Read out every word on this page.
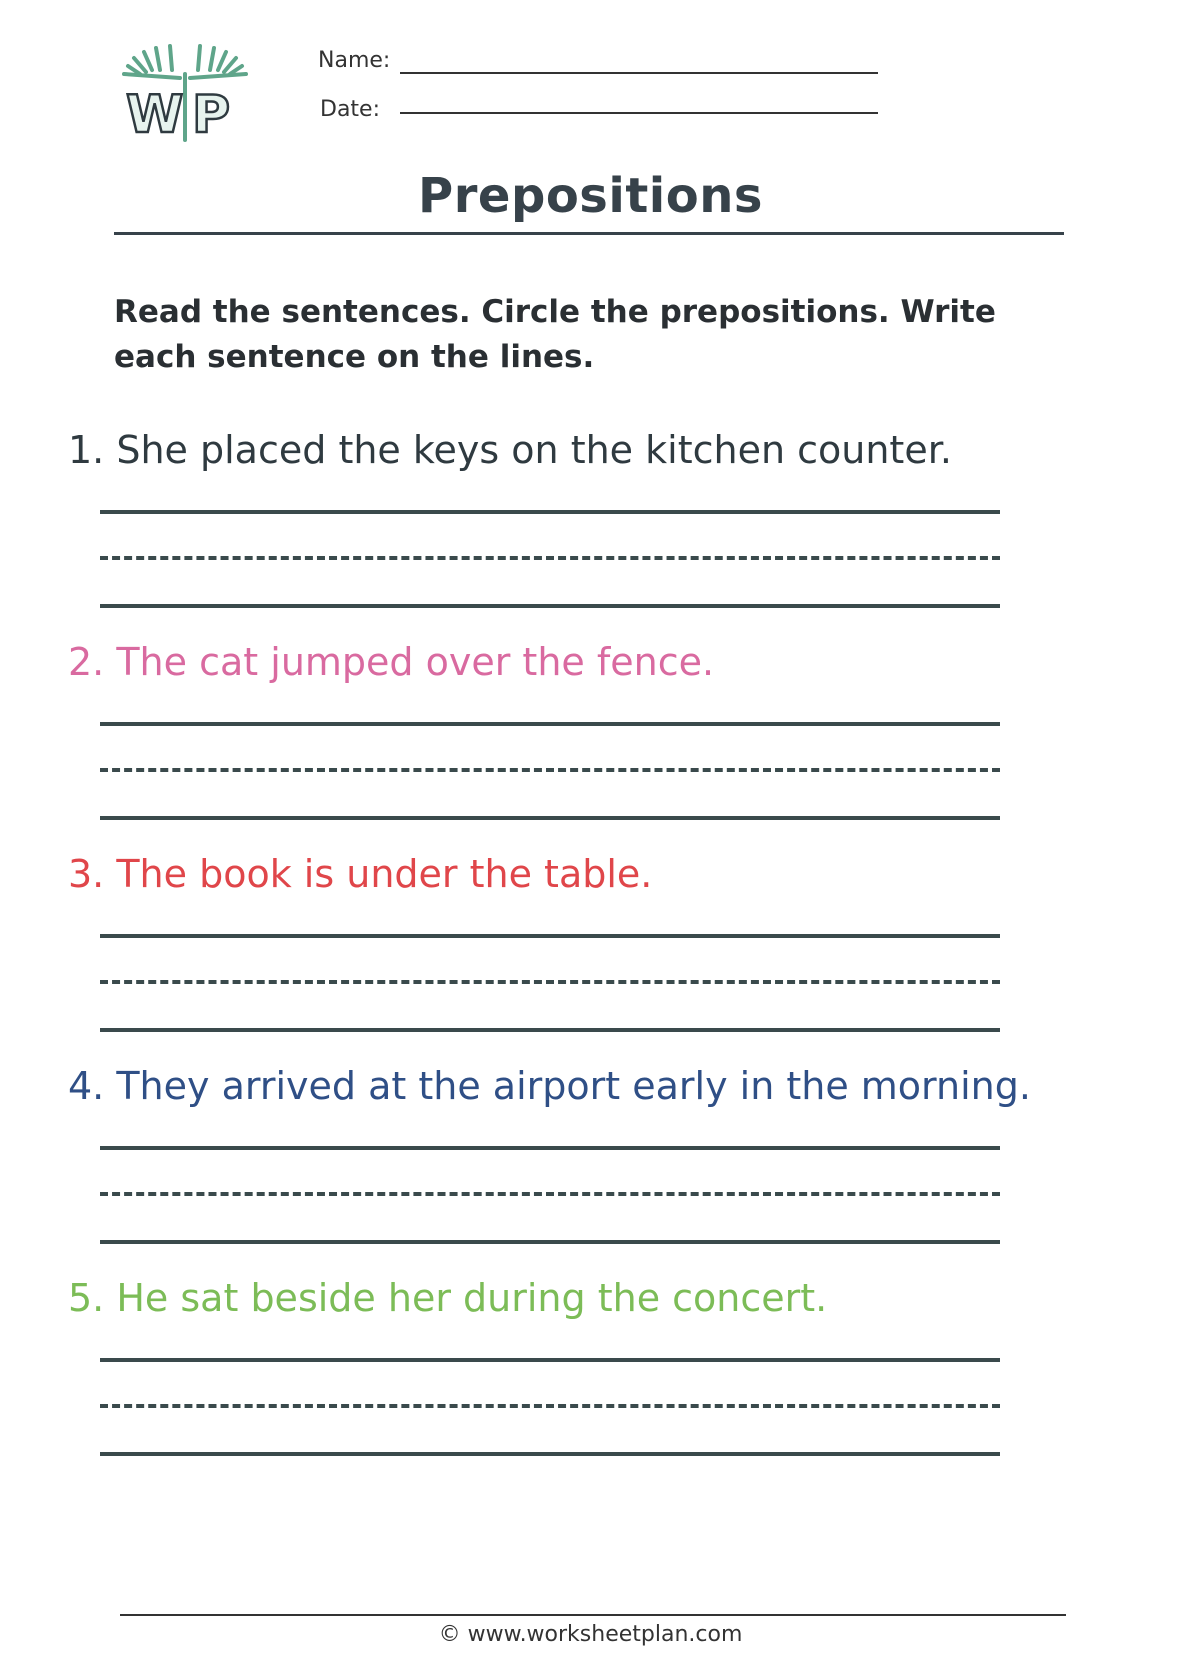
W P
Name:
Date:
Prepositions
Read the sentences. Circle the prepositions. Write each sentence on the lines.
1. She placed the keys on the kitchen counter.
2. The cat jumped over the fence.
3. The book is under the table.
4. They arrived at the airport early in the morning.
5. He sat beside her during the concert.
© www.worksheetplan.com
